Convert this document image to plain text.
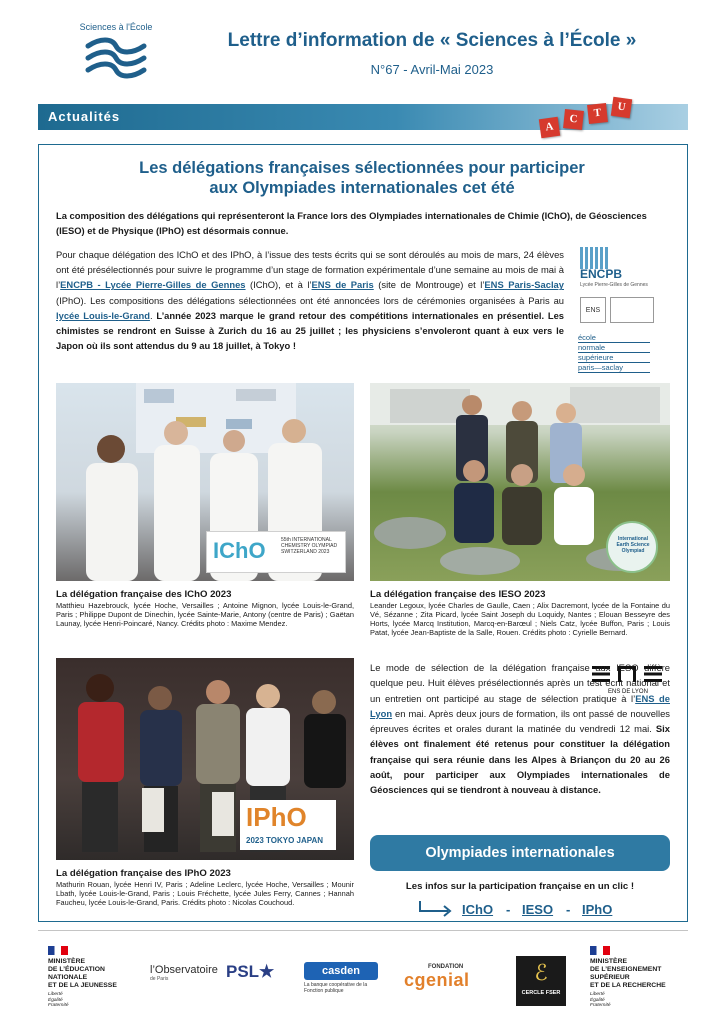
Sciences à l'École
Lettre d’information de « Sciences à l’École »
N°67 - Avril-Mai 2023
Actualités
A
C	T	U
Les délégations françaises sélectionnées pour participer
aux Olympiades internationales cet été
La composition des délégations qui représenteront la France lors des Olympiades internationales de Chimie (IChO), de Géosciences (IESO) et de Physique (IPhO) est désormais connue.
Pour chaque délégation des IChO et des IPhO, à l’issue des tests écrits qui se sont déroulés au mois de mars, 24 élèves ont été présélectionnés pour suivre le programme d’un stage de formation expérimentale d’une semaine au mois de mai à l’ENCPB - Lycée Pierre-Gilles de Gennes (IChO), et à l’ENS de Paris (site de Montrouge) et l’ENS Paris-Saclay (IPhO). Les compositions des délégations sélectionnées ont été annoncées lors de cérémonies organisées à Paris au lycée Louis-le-Grand. L’année 2023 marque le grand retour des compétitions internationales en présentiel. Les chimistes se rendront en Suisse à Zurich du 16 au 25 juillet ; les physiciens s’envoleront quant à eux vers le Japon où ils sont attendus du 9 au 18 juillet, à Tokyo !
ENCPB
Lycée Pierre-Gilles de Gennes
ENS
école
normale
supérieure
paris—saclay
IChO	55th INTERNATIONAL CHEMISTRY OLYMPIAD SWITZERLAND 2023
International Earth Science Olympiad
La délégation française des IChO 2023
Matthieu Hazebrouck, lycée Hoche, Versailles ; Antoine Mignon, lycée Louis-le-Grand, Paris ; Philippe Dupont de Dinechin, lycée Sainte-Marie, Antony (centre de Paris) ; Gaëtan Launay, lycée Henri-Poincaré, Nancy. Crédits photo : Maxime Mendez.
La délégation française des IESO 2023
Leander Legoux, lycée Charles de Gaulle, Caen ; Alix Dacremont, lycée de la Fontaine du Vé, Sézanne ; Zita Picard, lycée Saint Joseph du Loquidy, Nantes ; Elouan Besseyre des Horts, lycée Marcq Institution, Marcq-en-Barœul ; Niels Catz, lycée Buffon, Paris ; Louis Patat, lycée Jean-Baptiste de la Salle, Rouen. Crédits photo : Cyrielle Bernard.
IPhO
2023 TOKYO JAPAN
La délégation française des IPhO 2023
Mathurin Rouan, lycée Henri IV, Paris ; Adeline Leclerc, lycée Hoche, Versailles ; Mounir Lbath, lycée Louis-le-Grand, Paris ; Louis Fréchette, lycée Jules Ferry, Cannes ; Hannah Faucheu, lycée Louis-le-Grand, Paris. Crédits photo : Nicolas Couchoud.
ENS DE LYON
Le mode de sélection de la délégation française aux IESO diffère quelque peu. Huit élèves présélectionnés après un test écrit national et un entretien ont participé au stage de sélection pratique à l’ENS de Lyon en mai. Après deux jours de formation, ils ont passé de nouvelles épreuves écrites et orales durant la matinée du vendredi 12 mai. Six élèves ont finalement été retenus pour constituer la délégation française qui sera réunie dans les Alpes à Briançon du 20 au 26 août, pour participer aux Olympiades internationales de Géosciences qui se tiendront à nouveau à distance.
Olympiades internationales
Les infos sur la participation française en un clic !
IChO - IESO - IPhO
MINISTÈRE
DE L’ÉDUCATION
NATIONALE
ET DE LA JEUNESSE
Liberté
Égalité
Fraternité
l’Observatoire
de Paris	PSL★	casden
La banque coopérative de la Fonction publique
FONDATION
cgenial	ℰ
CERCLE FSER
MINISTÈRE
DE L’ENSEIGNEMENT
SUPÉRIEUR
ET DE LA RECHERCHE
Liberté
Égalité
Fraternité
